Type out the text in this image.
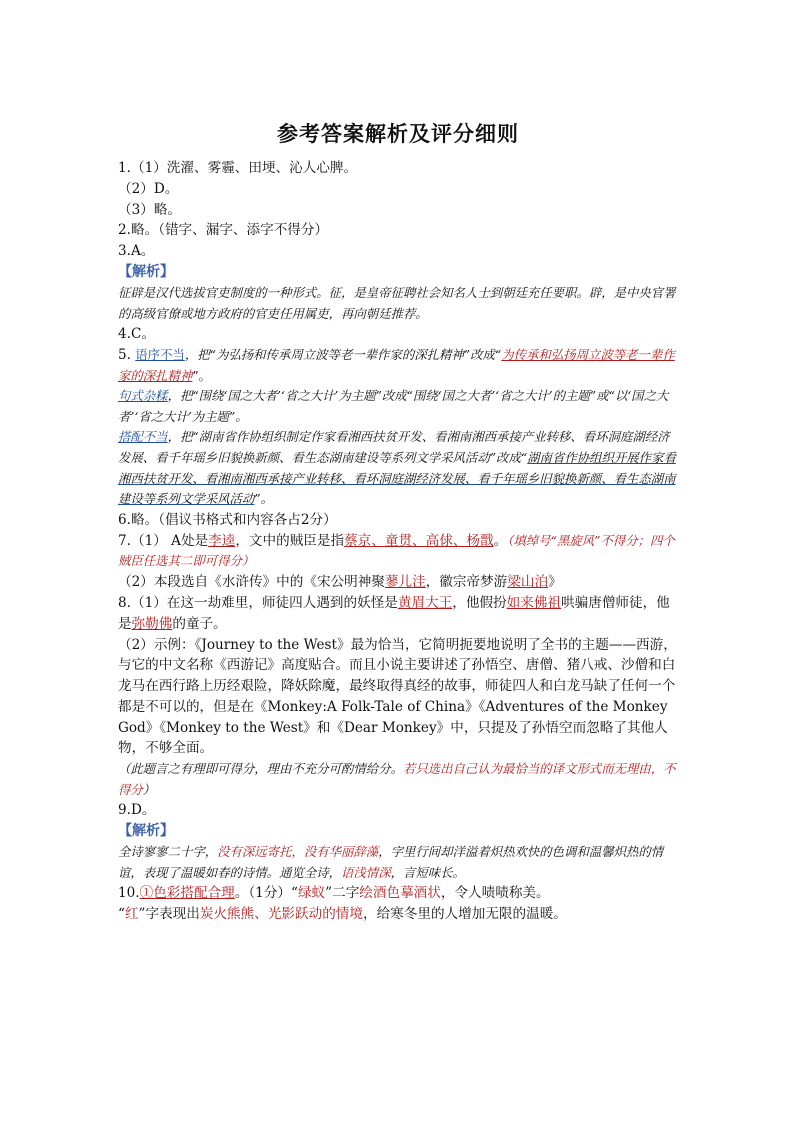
参考答案解析及评分细则

1.（1）洗濯、雾霾、田埂、沁人心脾。

（2）D。

（3）略。

2.略。（错字、漏字、添字不得分）

3.A。

【解析】

征辟是汉代选拔官吏制度的一种形式。征，是皇帝征聘社会知名人士到朝廷充任要职。辟，是中央官署的高级官僚或地方政府的官吏任用属吏，再向朝廷推荐。

4.C。

5. 语序不当，把“为弘扬和传承周立波等老一辈作家的深扎精神”改成“为传承和弘扬周立波等老一辈作家的深扎精神”。

句式杂糅，把“围绕‘国之大者’‘省之大计’为主题”改成“围绕‘国之大者’‘省之大计’的主题”或“以‘国之大者’‘省之大计’为主题”。

搭配不当，把“湖南省作协组织制定作家看湘西扶贫开发、看湘南湘西承接产业转移、看环洞庭湖经济发展、看千年瑶乡旧貌换新颜、看生态湖南建设等系列文学采风活动”改成“湖南省作协组织开展作家看湘西扶贫开发、看湘南湘西承接产业转移、看环洞庭湖经济发展、看千年瑶乡旧貌换新颜、看生态湖南建设等系列文学采风活动”。

6.略。（倡议书格式和内容各占2分）

7.（1） A处是李逵，文中的贼臣是指蔡京、童贯、高俅、杨戬。（填绰号“黑旋风”不得分；四个贼臣任选其二即可得分）

（2）本段选自《水浒传》中的《宋公明神聚蓼儿洼，徽宗帝梦游梁山泊》

8.（1）在这一劫难里，师徒四人遇到的妖怪是黄眉大王，他假扮如来佛祖哄骗唐僧师徒，他是弥勒佛的童子。

（2）示例：《Journey to the West》最为恰当，它简明扼要地说明了全书的主题——西游，与它的中文名称《西游记》高度贴合。而且小说主要讲述了孙悟空、唐僧、猪八戒、沙僧和白龙马在西行路上历经艰险，降妖除魔，最终取得真经的故事，师徒四人和白龙马缺了任何一个都是不可以的，但是在《Monkey:A Folk-Tale of China》《Adventures of the Monkey God》《Monkey to the West》和《Dear Monkey》中，只提及了孙悟空而忽略了其他人物，不够全面。

（此题言之有理即可得分，理由不充分可酌情给分。若只选出自己认为最恰当的译文形式而无理由，不得分）

9.D。

【解析】

全诗寥寥二十字，没有深远寄托，没有华丽辞藻，字里行间却洋溢着炽热欢快的色调和温馨炽热的情谊，表现了温暖如春的诗情。通览全诗，语浅情深，言短味长。

10.①色彩搭配合理。（1分）“绿蚁”二字绘酒色摹酒状，令人啧啧称美。

“红”字表现出炭火熊熊、光影跃动的情境，给寒冬里的人增加无限的温暖。
